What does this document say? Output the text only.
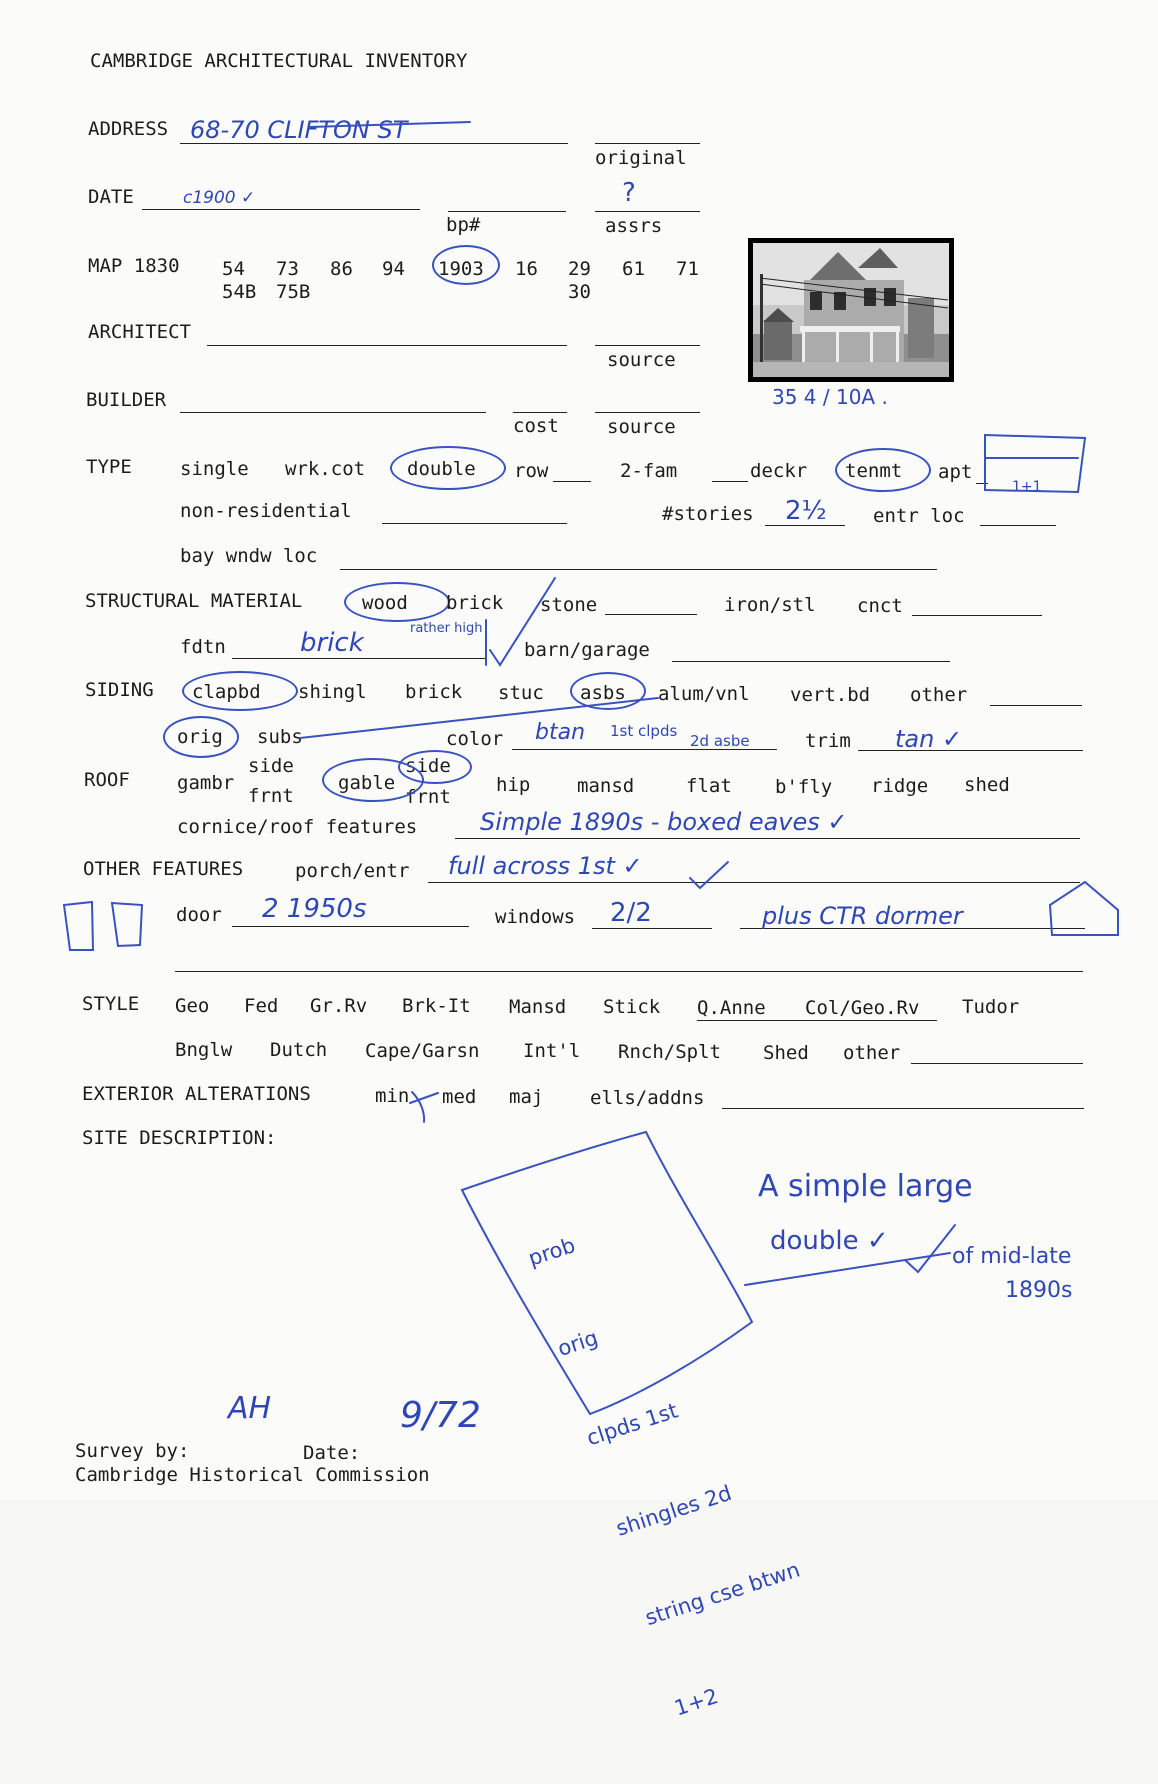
CAMBRIDGE ARCHITECTURAL INVENTORY
ADDRESS 68-70 CLIFTON ST
original
DATE	c1900 ✓
bp#
?
assrs
MAP 1830 54 73 86 94 1903 16 29 61 71
54B 75B	30
ARCHITECT
source
BUILDER
cost	source
35 4 / 10A .
TYPE	single wrk.cot double row	2-fam	deckr tenmt apt
non-residential	#stories 2½ entr loc
1+1
bay wndw loc
STRUCTURAL MATERIAL	wood brick stone	iron/stl cnct
fdtn	brick	rather high
barn/garage
SIDING clapbd shingl brick stuc asbs alum/vnl vert.bd other
orig subs	color btan 1st clpds
2d asbe	trim tan ✓
ROOF gambr
side
frnt
gable
side
frnt
hip mansd	flat b'fly ridge shed
cornice/roof features	Simple 1890s - boxed eaves ✓
OTHER FEATURES	porch/entr full across 1st ✓
door 2 1950s	windows 2/2	plus CTR dormer
STYLE Geo Fed Gr.Rv Brk-It Mansd Stick Q.Anne Col/Geo.Rv Tudor
Bnglw Dutch Cape/Garsn Int'l Rnch/Splt Shed other
EXTERIOR ALTERATIONS	min med maj ells/addns
SITE DESCRIPTION:

prob

orig

clpds 1st

shingles 2d

string cse btwn

1+2

A simple large
double ✓
of mid-late
1890s
AH	9/72
Survey by:	Date:
Cambridge Historical Commission
